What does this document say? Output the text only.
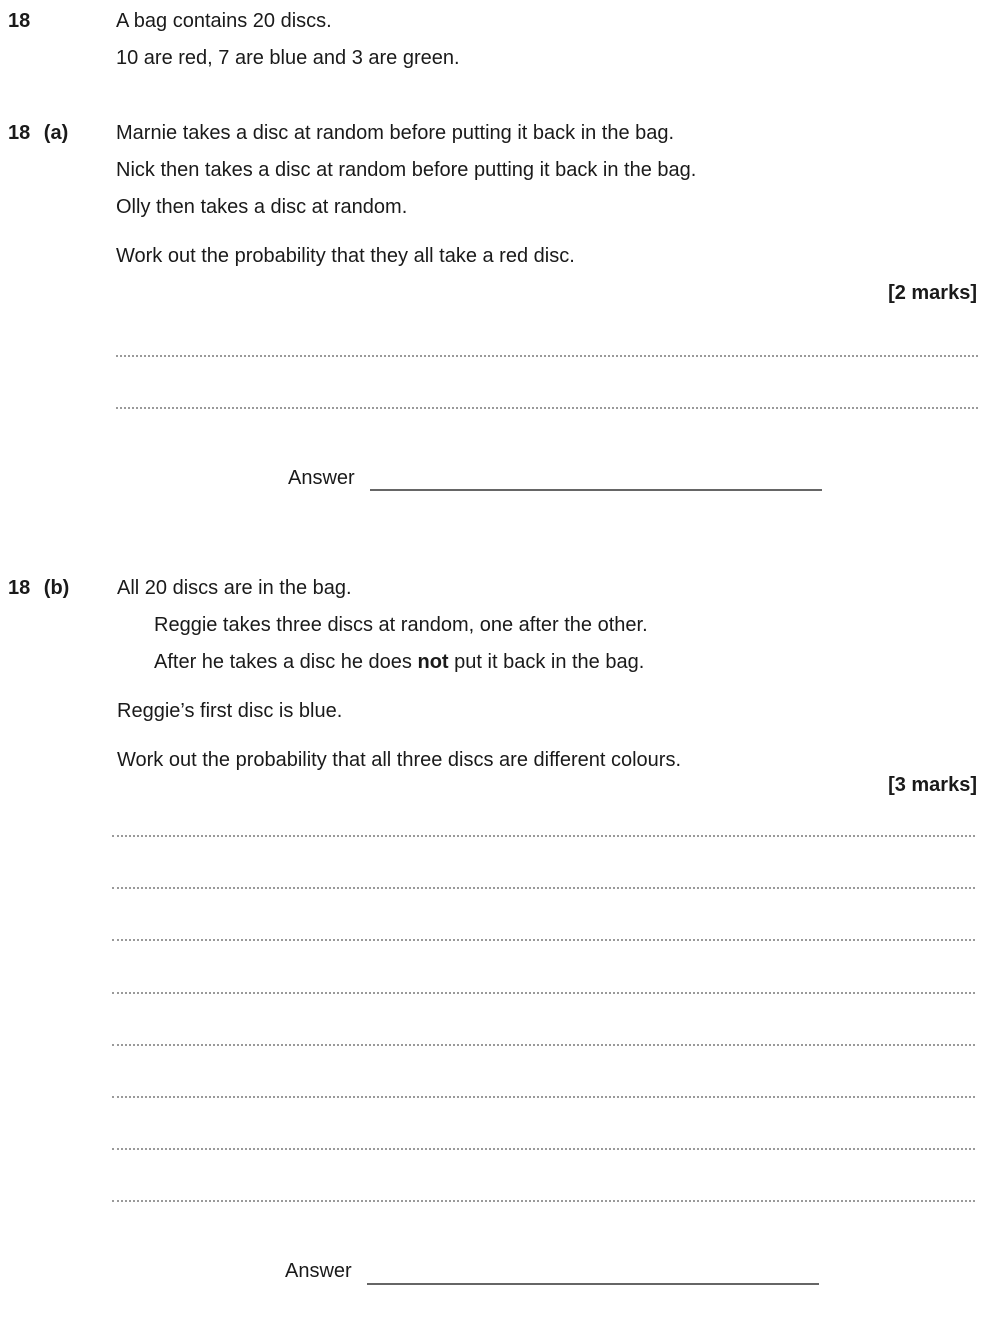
18	A bag contains 20 discs.
10 are red, 7 are blue and 3 are green.
18 (a) Marnie takes a disc at random before putting it back in the bag.
Nick then takes a disc at random before putting it back in the bag.
Olly then takes a disc at random.
Work out the probability that they all take a red disc.
[2 marks]
Answer
18 (b) All 20 discs are in the bag.
Reggie takes three discs at random, one after the other.
After he takes a disc he does not put it back in the bag.
Reggie’s first disc is blue.
Work out the probability that all three discs are different colours.
[3 marks]
Answer
